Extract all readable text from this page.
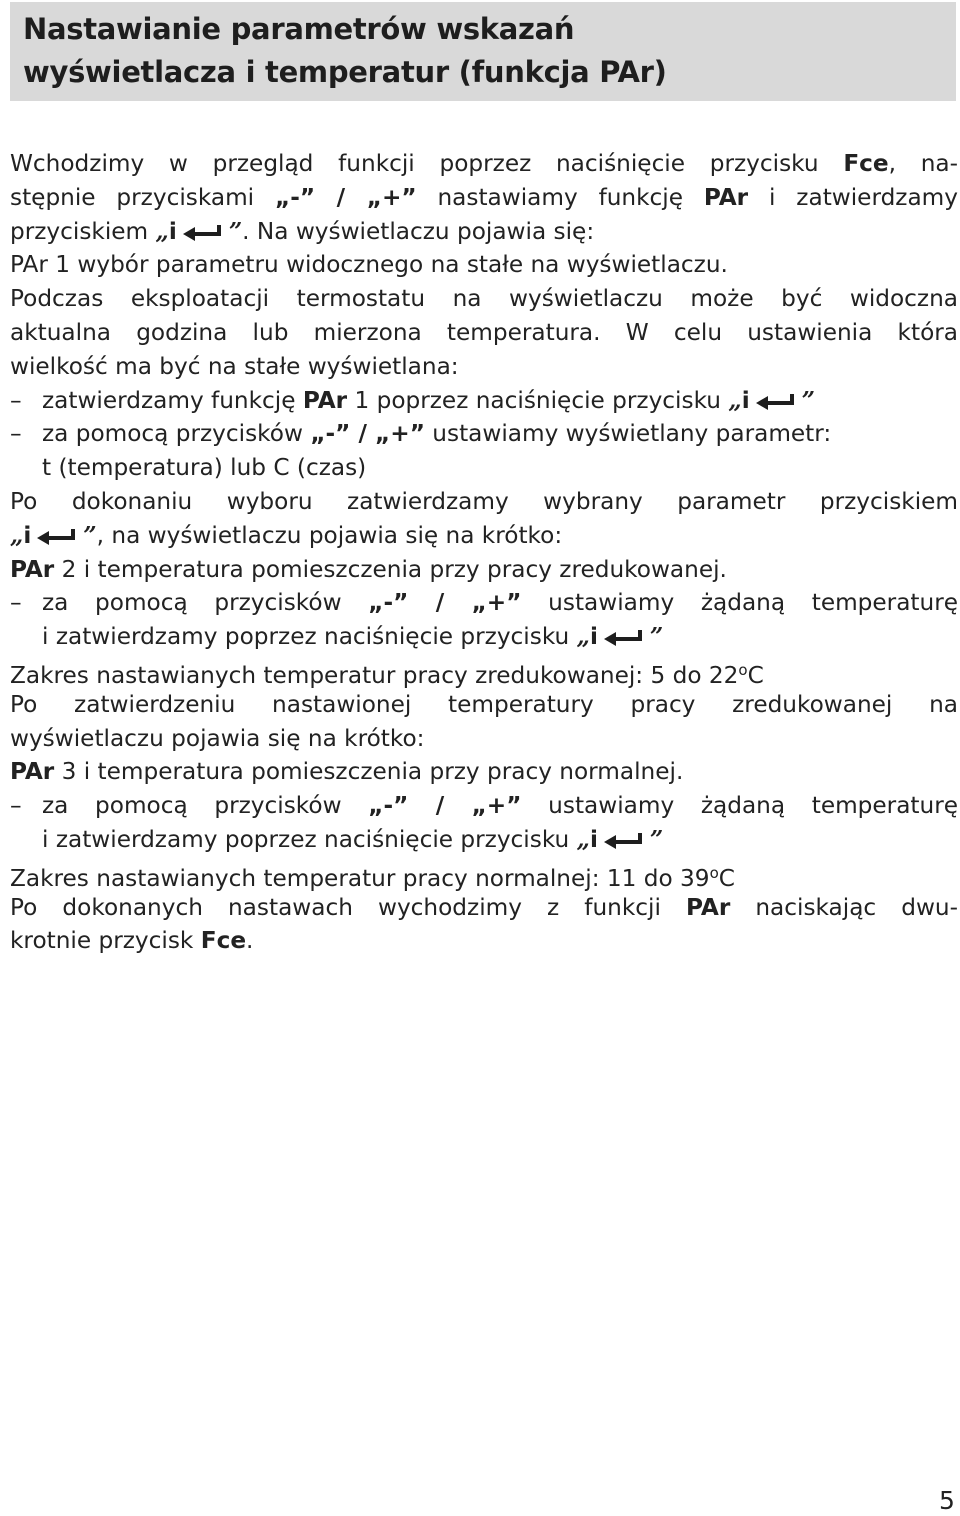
Nastawianie parametrów wskazań
wyświetlacza i temperatur (funkcja PAr)
Wchodzimy w przegląd funkcji poprzez naciśnięcie przycisku Fce, na-
stępnie przyciskami „-” / „+” nastawiamy funkcję PAr i zatwierdzamy
przyciskiem „i ”. Na wyświetlaczu pojawia się:
PAr 1 wybór parametru widocznego na stałe na wyświetlaczu.
Podczas eksploatacji termostatu na wyświetlaczu może być widoczna
aktualna godzina lub mierzona temperatura. W celu ustawienia która
wielkość ma być na stałe wyświetlana:
– zatwierdzamy funkcję PAr 1 poprzez naciśnięcie przycisku „i ”
– za pomocą przycisków „-” / „+” ustawiamy wyświetlany parametr:
t (temperatura) lub C (czas)
Po dokonaniu wyboru zatwierdzamy wybrany parametr przyciskiem
„i ”, na wyświetlaczu pojawia się na krótko:
PAr 2 i temperatura pomieszczenia przy pracy zredukowanej.
– za pomocą przycisków „-” / „+” ustawiamy żądaną temperaturę
i zatwierdzamy poprzez naciśnięcie przycisku „i ”
Zakres nastawianych temperatur pracy zredukowanej: 5 do 22$^o$C
Po zatwierdzeniu nastawionej temperatury pracy zredukowanej na
wyświetlaczu pojawia się na krótko:
PAr 3 i temperatura pomieszczenia przy pracy normalnej.
– za pomocą przycisków „-” / „+” ustawiamy żądaną temperaturę
i zatwierdzamy poprzez naciśnięcie przycisku „i ”
Zakres nastawianych temperatur pracy normalnej: 11 do 39$^o$C
Po dokonanych nastawach wychodzimy z funkcji PAr naciskając dwu-
krotnie przycisk Fce.
5
